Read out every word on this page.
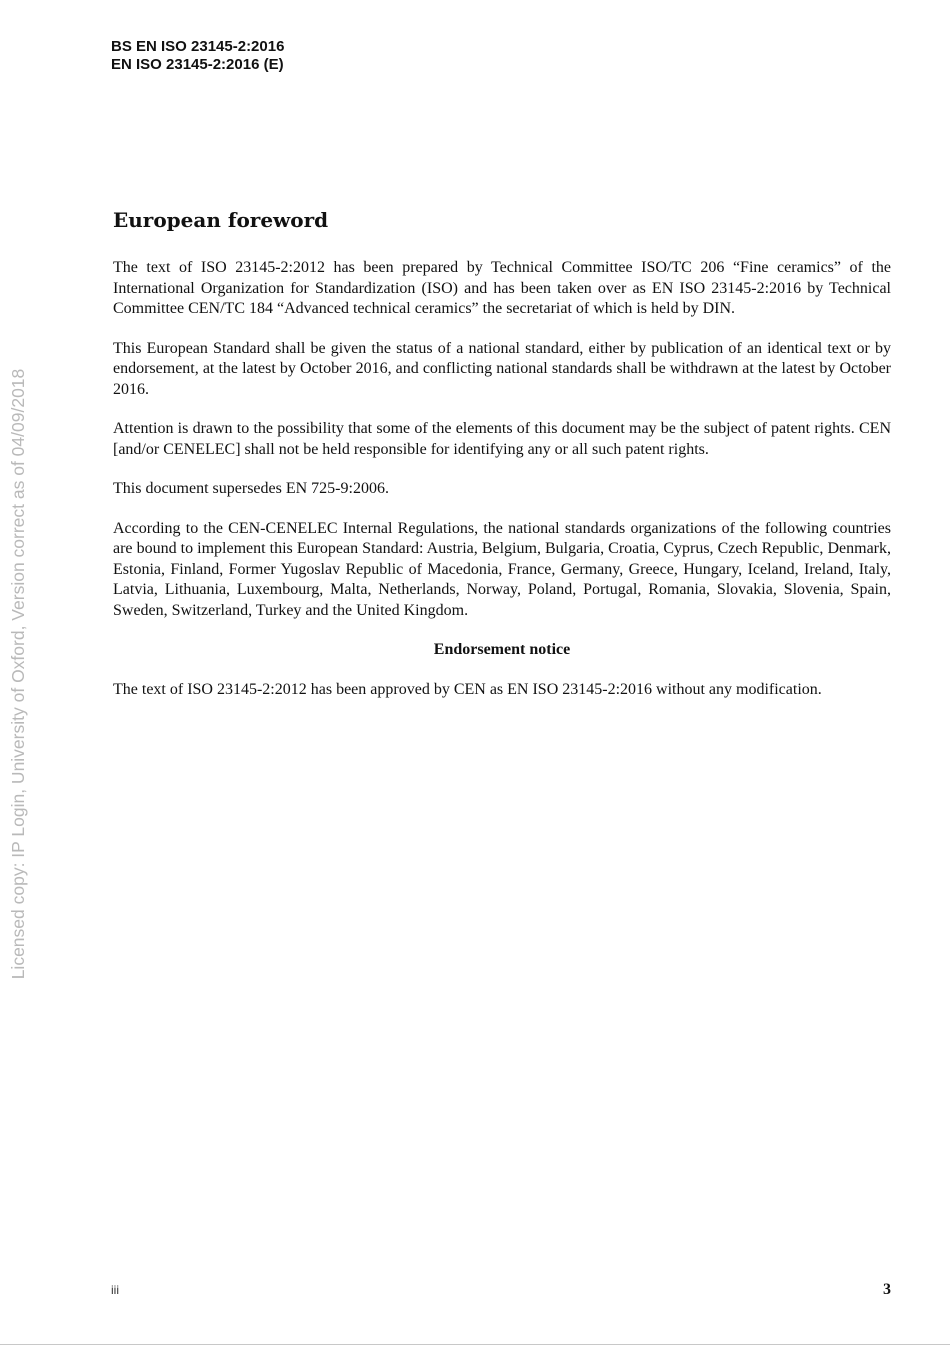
BS EN ISO 23145-2:2016
EN ISO 23145-2:2016 (E)
Licensed copy: IP Login, University of Oxford, Version correct as of 04/09/2018
European foreword

The text of ISO 23145-2:2012 has been prepared by Technical Committee ISO/TC 206 “Fine ceramics” of the International Organization for Standardization (ISO) and has been taken over as EN ISO 23145-2:2016 by Technical Committee CEN/TC 184 “Advanced technical ceramics” the secretariat of which is held by DIN.

This European Standard shall be given the status of a national standard, either by publication of an identical text or by endorsement, at the latest by October 2016, and conflicting national standards shall be withdrawn at the latest by October 2016.

Attention is drawn to the possibility that some of the elements of this document may be the subject of patent rights. CEN [and/or CENELEC] shall not be held responsible for identifying any or all such patent rights.

This document supersedes EN 725-9:2006.

According to the CEN-CENELEC Internal Regulations, the national standards organizations of the following countries are bound to implement this European Standard: Austria, Belgium, Bulgaria, Croatia, Cyprus, Czech Republic, Denmark, Estonia, Finland, Former Yugoslav Republic of Macedonia, France, Germany, Greece, Hungary, Iceland, Ireland, Italy, Latvia, Lithuania, Luxembourg, Malta, Netherlands, Norway, Poland, Portugal, Romania, Slovakia, Slovenia, Spain, Sweden, Switzerland, Turkey and the United Kingdom.

Endorsement notice

The text of ISO 23145-2:2012 has been approved by CEN as EN ISO 23145-2:2016 without any modification.

iii	3
